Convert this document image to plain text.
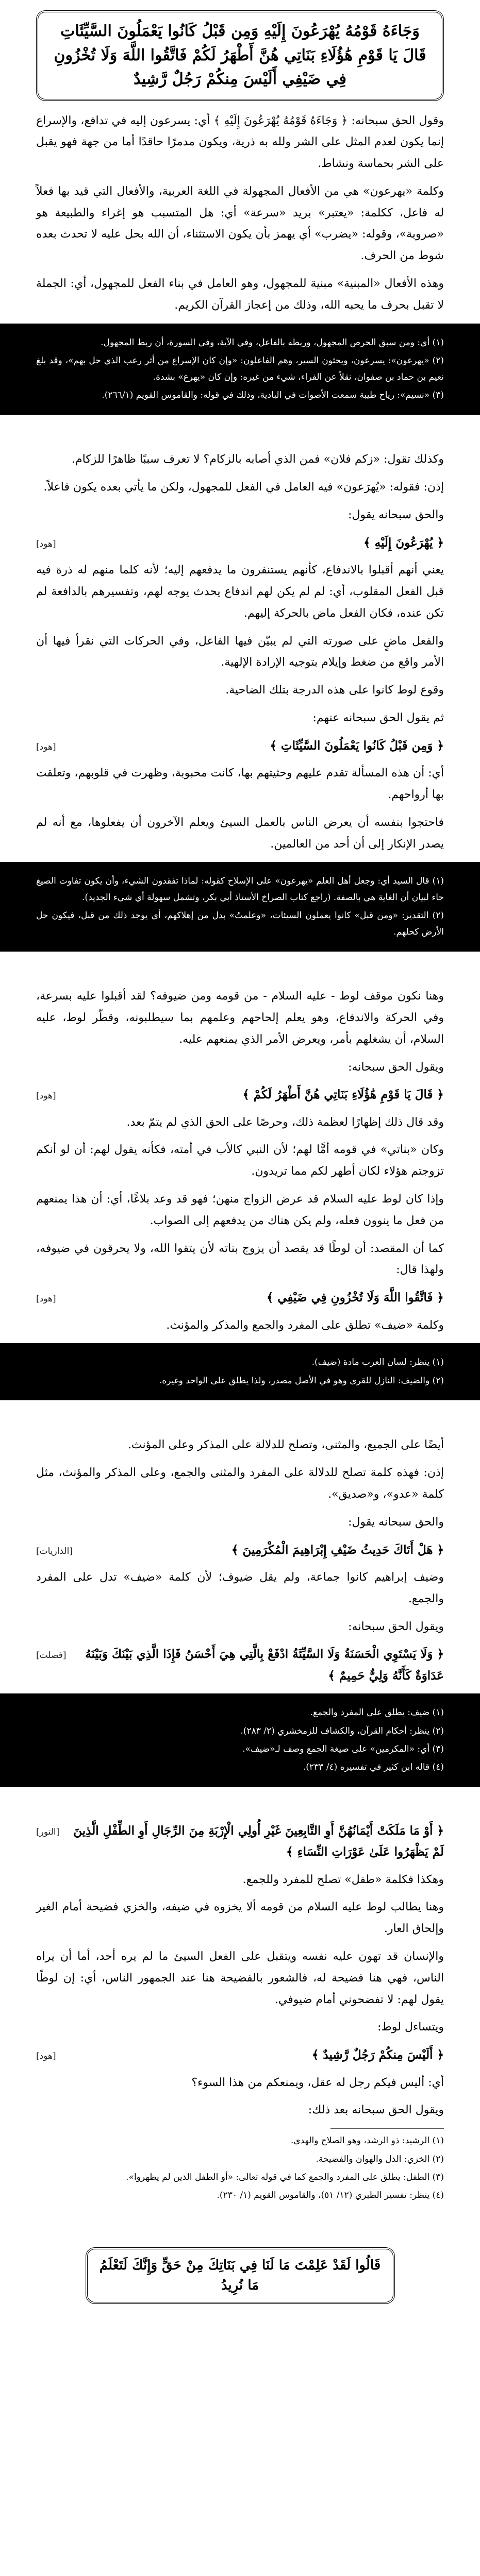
وَجَاءَهُ قَوْمُهُ يُهْرَعُونَ إِلَيْهِ وَمِن قَبْلُ كَانُوا يَعْمَلُونَ السَّيِّئَاتِ قَالَ يَا قَوْمِ هَٰؤُلَاءِ بَنَاتِي هُنَّ أَطْهَرُ لَكُمْ فَاتَّقُوا اللَّهَ وَلَا تُخْزُونِ فِي ضَيْفِي أَلَيْسَ مِنكُمْ رَجُلٌ رَّشِيدٌ

وقول الحق سبحانه: ﴿ وَجَاءَهُ قَوْمُهُ يُهْرَعُونَ إِلَيْهِ ﴾ أي: يسرعون إليه في تدافع، والإسراع إنما يكون لعدم المثل على الشر ولله به ذرية، ويكون مدمرًا حاقدًا أما من جهة فهو يقبل على الشر بحماسة ونشاط.

وكلمة «يهرعون» هي من الأفعال المجهولة في اللغة العربية، والأفعال التي قيد بها فعلاً له فاعل، ككلمة: «يعتبر» بريد «سرعة» أي: هل المتسبب هو إغراء والطبيعة هو «صروبة»، وقوله: «يضرب» أي يهمز بأن يكون الاستثناء، أن الله بحل عليه لا تحدث بعده شوط من الحرف.

وهذه الأفعال «المبنية» مبنية للمجهول، وهو العامل في بناء الفعل للمجهول، أي: الجملة لا تقبل بحرف ما يحبه الله، وذلك من إعجاز القرآن الكريم.

(١) أي: ومن سبق الحرص المجهول، وربطه بالفاعل، وفي الآية، وفي السورة، أن ربط المجهول.

(٢) «يهرعون»: يسرعون، ويحثون السير، وهم الفاعلون: «وإن كان الإسراع من أثر رعب الذي حل بهم»، وقد بلغ نعيم بن حماد بن صفوان، نقلاً عن الفراء، شيء من غيره: وإن كان «يهرع» بشدة.

(٣) «نسيم»: رياح طيبة سمعت الأصوات في البادية، وذلك في قوله: والقاموس القويم (٢٦٦/١).

وكذلك تقول: «زكم فلان» فمن الذي أصابه بالزكام؟ لا تعرف سببًا ظاهرًا للزكام.

إذن: فقوله: «يُهرَعون» فيه العامل في الفعل للمجهول، ولكن ما يأتي بعده يكون فاعلاً.

والحق سبحانه يقول:

﴿ يُهْرَعُونَ إِلَيْهِ ﴾
[هود]

يعني أنهم أقبلوا بالاندفاع، كأنهم يستنفرون ما يدفعهم إليه؛ لأنه كلما منهم له ذرة فيه قبل الفعل المقلوب، أي: لم لم يكن لهم اندفاع يحدث يوجه لهم، وتفسيرهم بالدافعة لم تكن عنده، فكان الفعل ماض بالحركة إليهم.

والفعل ماضٍ على صورته التي لم يبيّن فيها الفاعل، وفي الحركات التي نقرأ فيها أن الأمر واقع من ضغط وإيلام بتوجيه الإرادة الإلهية.

وقوع لوط كانوا على هذه الدرجة بتلك الضاحية.

ثم يقول الحق سبحانه عنهم:

﴿ وَمِن قَبْلُ كَانُوا يَعْمَلُونَ السَّيِّئَاتِ ﴾
[هود]

أي: أن هذه المسألة تقدم عليهم وحثيتهم بها، كانت محبوبة، وظهرت في قلوبهم، وتعلقت بها أرواحهم.

فاحتجوا بنفسه أن يعرض الناس بالعمل السيئ ويعلم الآخرون أن يفعلوها، مع أنه لم يصدر الإنكار إلى أن أحد من العالمين.

(١) قال السيد أي: وجعل أهل العلم «يهرعون» على الإسلاح كقوله: لماذا تفقدون الشيء، وأن يكون تفاوت الصيغ جاء لبيان أن الغاية هي بالصفة. (راجع كتاب الصراخ الأستاذ أبي بكر، وتشمل سهولة أي شيء الجديد).

(٢) التقدير: «ومن قبل» كانوا يعملون السيئات، «وعلمتُ» بدل من إهلاكهم، أي يوجد ذلك من قبل، فيكون حل الأرض كحلهم.

وهنا نكون موقف لوط - عليه السلام - من قومه ومن ضيوفه؟ لقد أقبلوا عليه بسرعة، وفي الحركة والاندفاع، وهو يعلم إلحاحهم وعلمهم بما سيطلبونه، وقطّر لوط، عليه السلام، أن يشغلهم بأمر، ويعرض الأمر الذي يمنعهم عليه.

ويقول الحق سبحانه:

﴿ قَالَ يَا قَوْمِ هَٰؤُلَاءِ بَنَاتِي هُنَّ أَطْهَرُ لَكُمْ ﴾
[هود]

وقد قال ذلك إظهارًا لعظمة ذلك، وحرصًا على الحق الذي لم يتمّ بعد.

وكان «بناتي» في قومه أمًّا لهم؛ لأن النبي كالأب في أمته، فكأنه يقول لهم: أن لو أنكم تزوجتم هؤلاء لكان أطهر لكم مما تريدون.

وإذا كان لوط عليه السلام قد عرض الزواج منهن؛ فهو قد وعد بلاغًا، أي: أن هذا يمنعهم من فعل ما ينوون فعله، ولم يكن هناك من يدفعهم إلى الصواب.

كما أن المقصد: أن لوطًا قد يقصد أن يزوج بناته لأن يتقوا الله، ولا يحرقون في ضيوفه، ولهذا قال:

﴿ فَاتَّقُوا اللَّهَ وَلَا تُخْزُونِ فِي ضَيْفِي ﴾
[هود]

وكلمة «ضيف» تطلق على المفرد والجمع والمذكر والمؤنث.

(١) ينظر: لسان العرب مادة (ضيف).

(٢) والضيف: النازل للقرى وهو في الأصل مصدر، ولذا يطلق على الواحد وغيره.

أيضًا على الجميع، والمثنى، وتصلح للدلالة على المذكر وعلى المؤنث.

إذن: فهذه كلمة تصلح للدلالة على المفرد والمثنى والجمع، وعلى المذكر والمؤنث، مثل كلمة «عدو»، و«صديق».

والحق سبحانه يقول:

﴿ هَلْ أَتَاكَ حَدِيثُ ضَيْفِ إِبْرَاهِيمَ الْمُكْرَمِينَ ﴾
[الذاريات]

وضيف إبراهيم كانوا جماعة، ولم يقل ضيوف؛ لأن كلمة «ضيف» تدل على المفرد والجمع.

ويقول الحق سبحانه:

﴿ وَلَا يَسْتَوِي الْحَسَنَةُ وَلَا السَّيِّئَةُ ادْفَعْ بِالَّتِي هِيَ أَحْسَنُ فَإِذَا الَّذِي بَيْنَكَ وَبَيْنَهُ عَدَاوَةٌ كَأَنَّهُ وَلِيٌّ حَمِيمٌ ﴾
[فصلت]

(١) ضيف: يطلق على المفرد والجمع.

(٢) ينظر: أحكام القرآن، والكشاف للزمخشري (٢/ ٢٨٣).

(٣) أي: «المكرمين» على صيغة الجمع وصف لـ«ضيف».

(٤) قاله ابن كثير في تفسيره (٤/ ٢٣٣).

﴿ أَوْ مَا مَلَكَتْ أَيْمَانُهُنَّ أَوِ التَّابِعِينَ غَيْرِ أُولِي الْإِرْبَةِ مِنَ الرِّجَالِ أَوِ الطِّفْلِ الَّذِينَ لَمْ يَظْهَرُوا عَلَىٰ عَوْرَاتِ النِّسَاءِ ﴾
[النور]

وهكذا فكلمة «طفل» تصلح للمفرد وللجمع.

وهنا يطالب لوط عليه السلام من قومه ألا يخزوه في ضيفه، والخزي فضيحة أمام الغير وإلحاق العار.

والإنسان قد تهون عليه نفسه ويتقبل على الفعل السيئ ما لم يره أحد، أما أن يراه الناس، فهي هنا فضيحة له، فالشعور بالفضيحة هنا عند الجمهور الناس، أي: إن لوطًا يقول لهم: لا تفضحوني أمام ضيوفي.

ويتساءل لوط:

﴿ أَلَيْسَ مِنكُمْ رَجُلٌ رَّشِيدٌ ﴾
[هود]

أي: أليس فيكم رجل له عقل، ويمنعكم من هذا السوء؟

ويقول الحق سبحانه بعد ذلك:

(١) الرشيد: ذو الرشد، وهو الصلاح والهدى.

(٢) الخزي: الذل والهوان والفضيحة.

(٣) الطفل: يطلق على المفرد والجمع كما في قوله تعالى: «أو الطفل الذين لم يظهروا».

(٤) ينظر: تفسير الطبري (١٢/ ٥١)، والقاموس القويم (١/ ٢٣٠).

قَالُوا لَقَدْ عَلِمْتَ مَا لَنَا فِي بَنَاتِكَ مِنْ حَقٍّ وَإِنَّكَ لَتَعْلَمُ مَا نُرِيدُ
